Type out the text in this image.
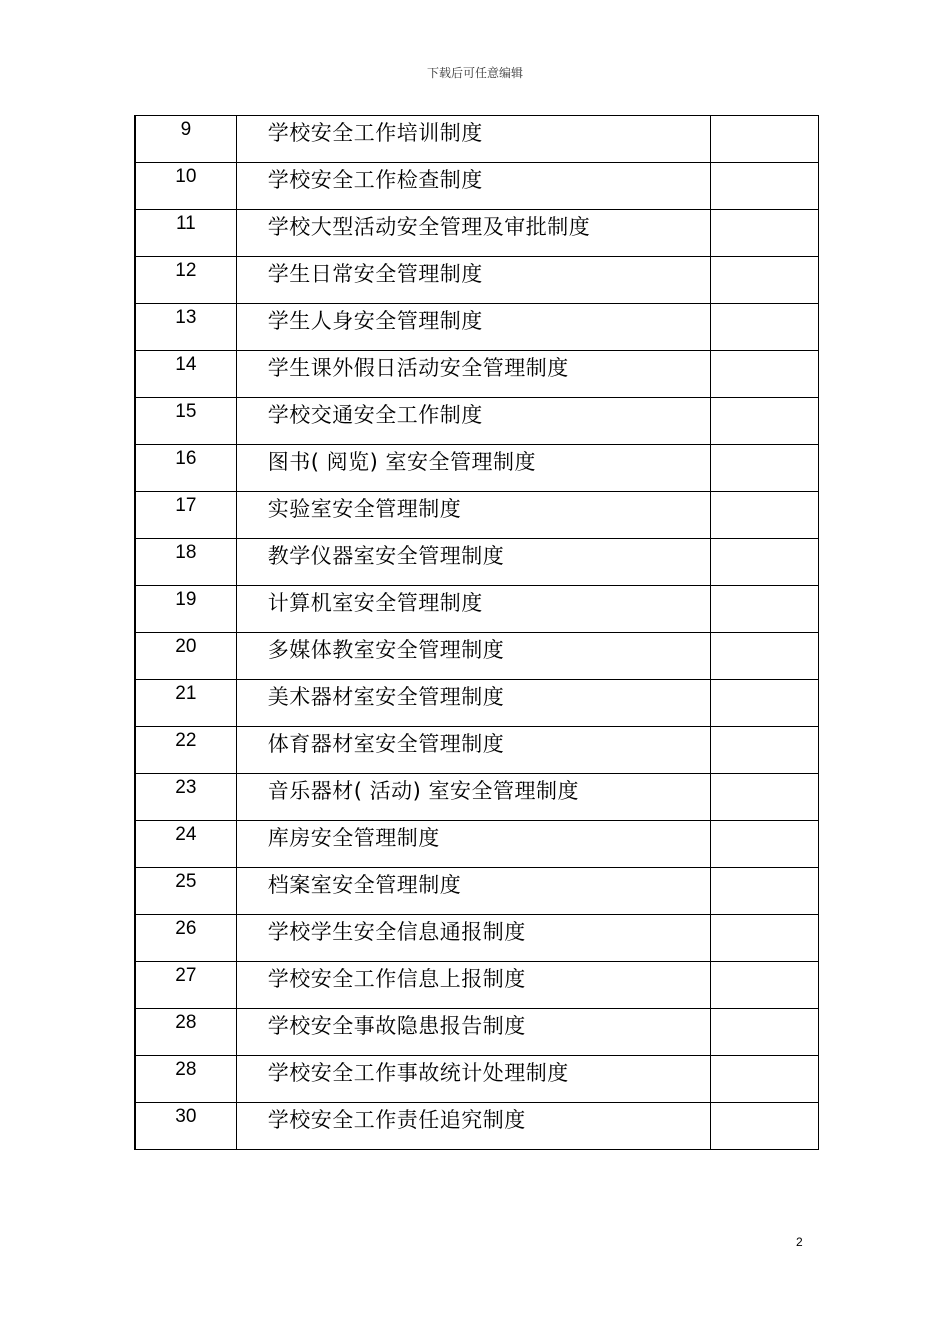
下载后可任意编辑
9	学校安全工作培训制度	
10	学校安全工作检查制度	
11	学校大型活动安全管理及审批制度	
12	学生日常安全管理制度	
13	学生人身安全管理制度	
14	学生课外假日活动安全管理制度	
15	学校交通安全工作制度	
16	图书( 阅览) 室安全管理制度	
17	实验室安全管理制度	
18	教学仪器室安全管理制度	
19	计算机室安全管理制度	
20	多媒体教室安全管理制度	
21	美术器材室安全管理制度	
22	体育器材室安全管理制度	
23	音乐器材( 活动) 室安全管理制度	
24	库房安全管理制度	
25	档案室安全管理制度	
26	学校学生安全信息通报制度	
27	学校安全工作信息上报制度	
28	学校安全事故隐患报告制度	
28	学校安全工作事故统计处理制度	
30	学校安全工作责任追究制度	
2
